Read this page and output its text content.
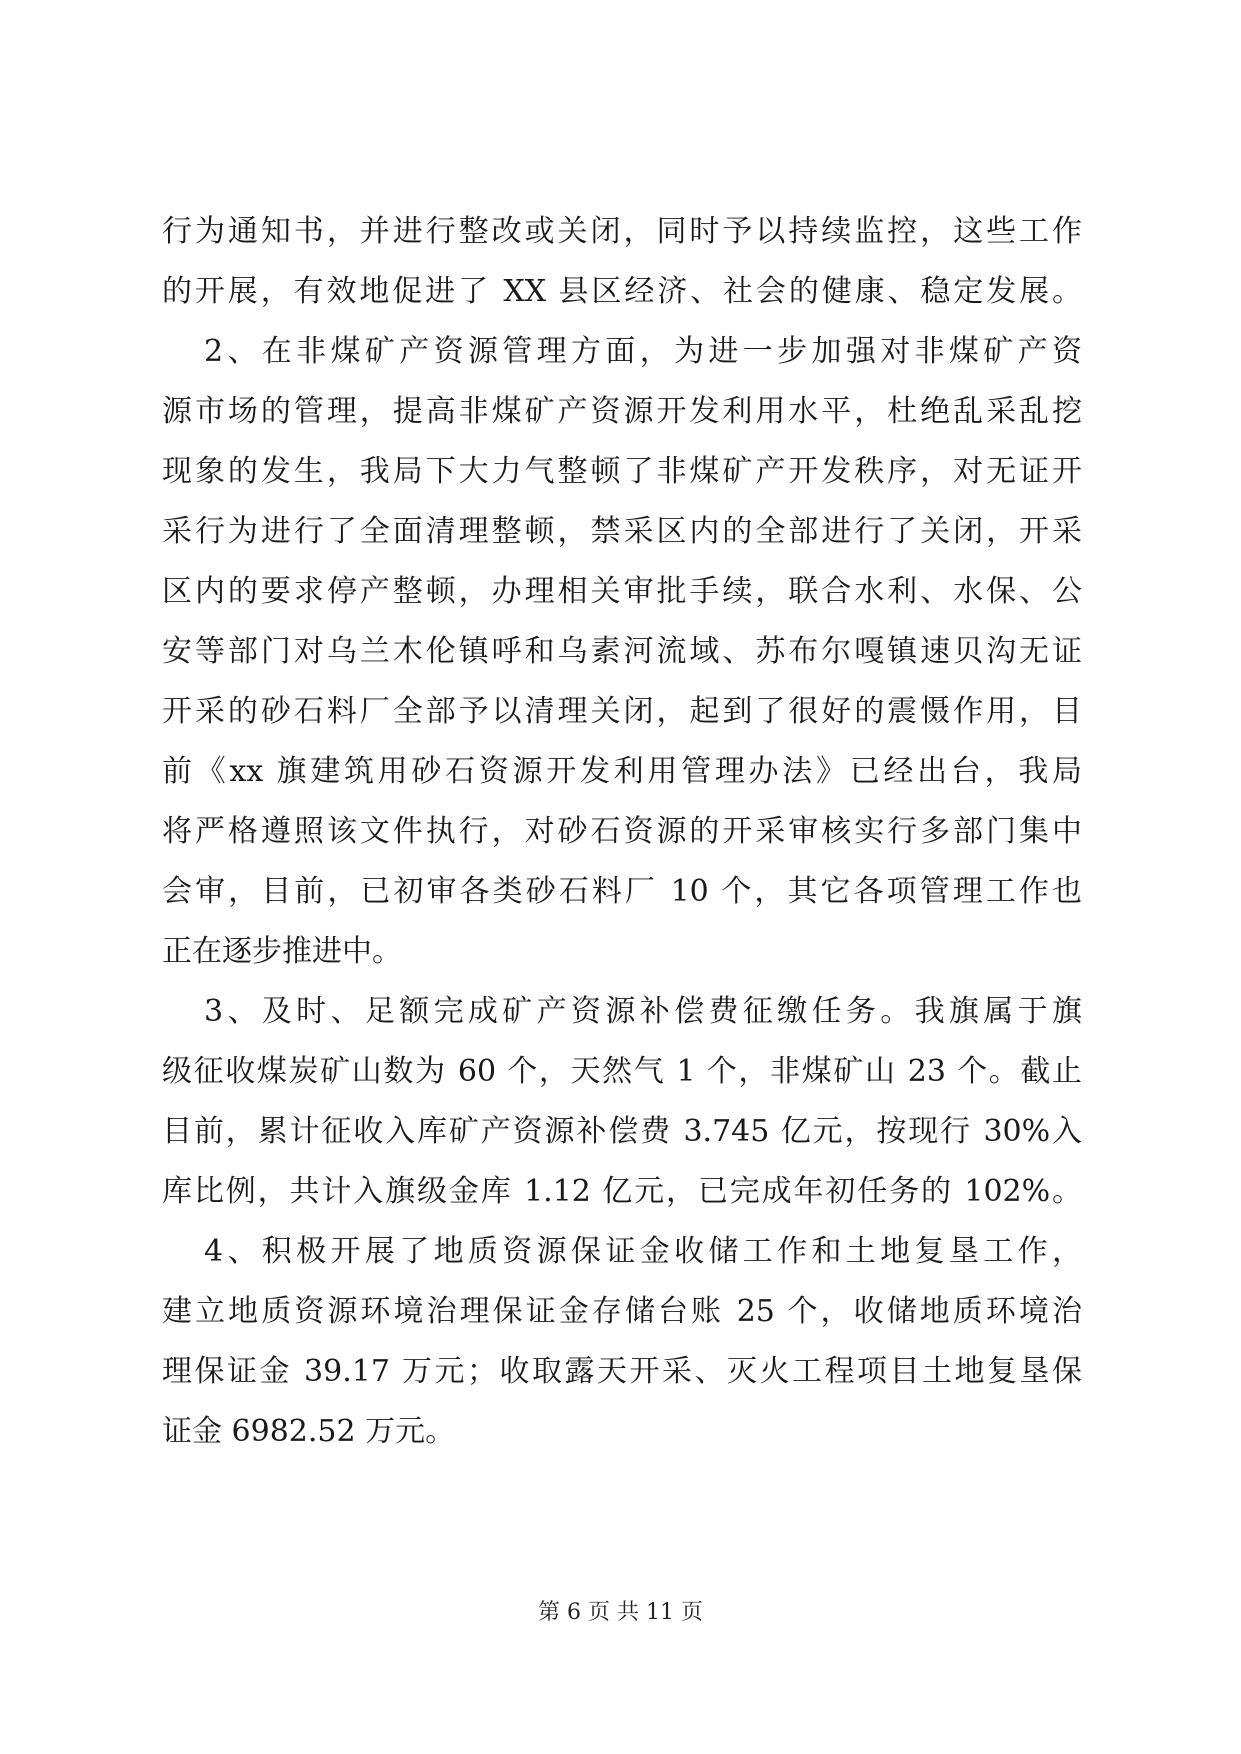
行为通知书，并进行整改或关闭，同时予以持续监控，这些工作
的开展，有效地促进了 XX 县区经济、社会的健康、稳定发展。
2、在非煤矿产资源管理方面，为进一步加强对非煤矿产资
源市场的管理，提高非煤矿产资源开发利用水平，杜绝乱采乱挖
现象的发生，我局下大力气整顿了非煤矿产开发秩序，对无证开
采行为进行了全面清理整顿，禁采区内的全部进行了关闭，开采
区内的要求停产整顿，办理相关审批手续，联合水利、水保、公
安等部门对乌兰木伦镇呼和乌素河流域、苏布尔嘎镇速贝沟无证
开采的砂石料厂全部予以清理关闭，起到了很好的震慑作用，目
前《xx 旗建筑用砂石资源开发利用管理办法》已经出台，我局
将严格遵照该文件执行，对砂石资源的开采审核实行多部门集中
会审，目前，已初审各类砂石料厂 10 个，其它各项管理工作也
正在逐步推进中。
3、及时、足额完成矿产资源补偿费征缴任务。我旗属于旗
级征收煤炭矿山数为 60 个，天然气 1 个，非煤矿山 23 个。截止
目前，累计征收入库矿产资源补偿费 3.745 亿元，按现行 30%入
库比例，共计入旗级金库 1.12 亿元，已完成年初任务的 102%。
4、积极开展了地质资源保证金收储工作和土地复垦工作，
建立地质资源环境治理保证金存储台账 25 个，收储地质环境治
理保证金 39.17 万元；收取露天开采、灭火工程项目土地复垦保
证金 6982.52 万元。
第 6 页 共 11 页
